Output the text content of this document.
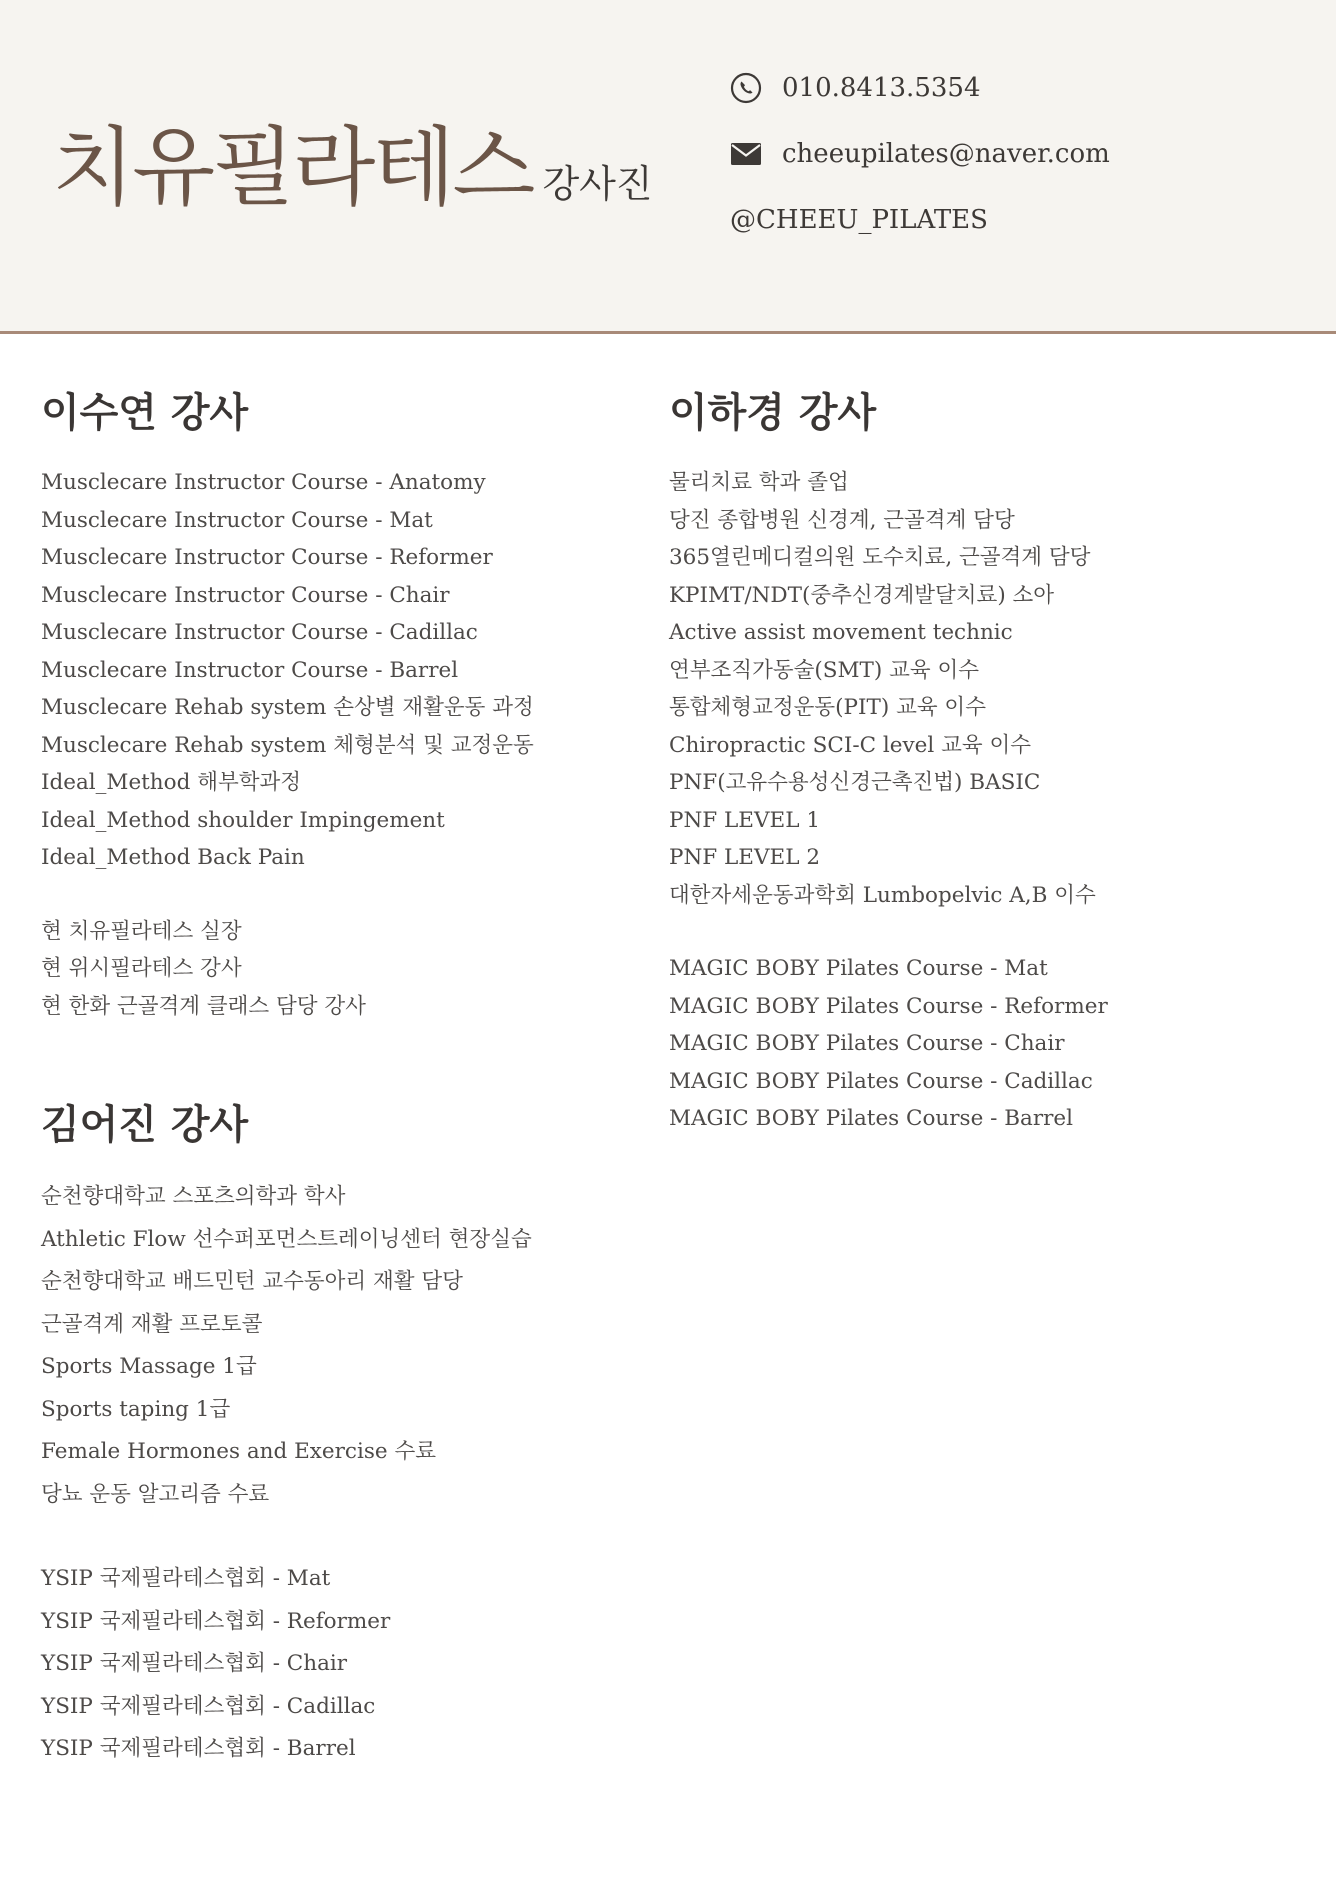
치유필라테스 강사진
010.8413.5354
cheeupilates@naver.com
@CHEEU_PILATES
이수연 강사
Musclecare Instructor Course - Anatomy
Musclecare Instructor Course - Mat
Musclecare Instructor Course - Reformer
Musclecare Instructor Course - Chair
Musclecare Instructor Course - Cadillac
Musclecare Instructor Course - Barrel
Musclecare Rehab system 손상별 재활운동 과정
Musclecare Rehab system 체형분석 및 교정운동
Ideal_Method 해부학과정
Ideal_Method shoulder Impingement
Ideal_Method Back Pain
현 치유필라테스 실장
현 위시필라테스 강사
현 한화 근골격계 클래스 담당 강사
김어진 강사
순천향대학교 스포츠의학과 학사
Athletic Flow 선수퍼포먼스트레이닝센터 현장실습
순천향대학교 배드민턴 교수동아리 재활 담당
근골격계 재활 프로토콜
Sports Massage 1급
Sports taping 1급
Female Hormones and Exercise 수료
당뇨 운동 알고리즘 수료
YSIP 국제필라테스협회 - Mat
YSIP 국제필라테스협회 - Reformer
YSIP 국제필라테스협회 - Chair
YSIP 국제필라테스협회 - Cadillac
YSIP 국제필라테스협회 - Barrel
이하경 강사
물리치료 학과 졸업
당진 종합병원 신경계, 근골격계 담당
365열린메디컬의원 도수치료, 근골격계 담당
KPIMT/NDT(중추신경계발달치료) 소아
Active assist movement technic
연부조직가동술(SMT) 교육 이수
통합체형교정운동(PIT) 교육 이수
Chiropractic SCI-C level 교육 이수
PNF(고유수용성신경근촉진법) BASIC
PNF LEVEL 1
PNF LEVEL 2
대한자세운동과학회 Lumbopelvic A,B 이수
MAGIC BOBY Pilates Course - Mat
MAGIC BOBY Pilates Course - Reformer
MAGIC BOBY Pilates Course - Chair
MAGIC BOBY Pilates Course - Cadillac
MAGIC BOBY Pilates Course - Barrel
